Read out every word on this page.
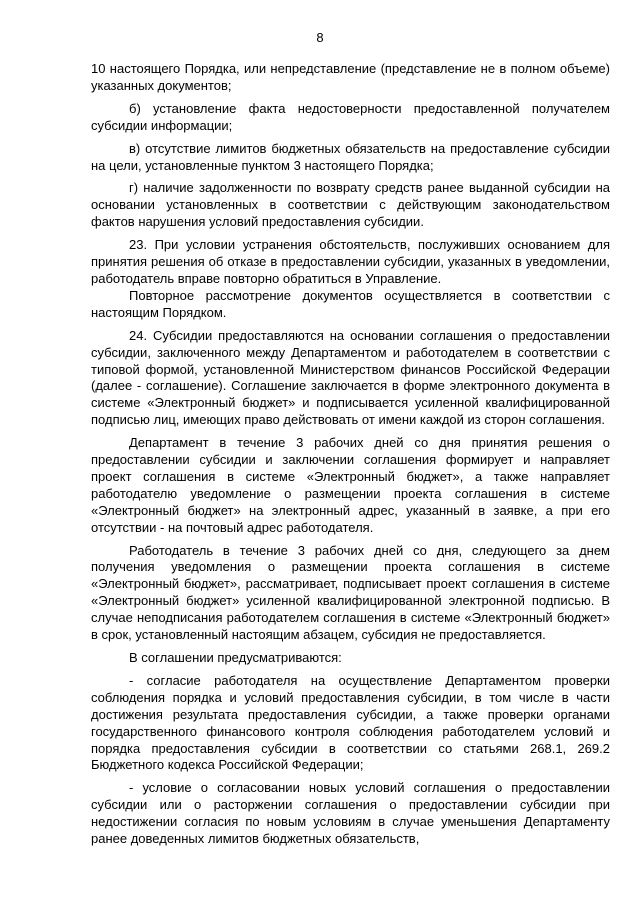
8

10 настоящего Порядка, или непредставление (представление не в полном объеме) указанных документов;

б) установление факта недостоверности предоставленной получателем субсидии информации;

в) отсутствие лимитов бюджетных обязательств на предоставление субсидии на цели, установленные пунктом 3 настоящего Порядка;

г) наличие задолженности по возврату средств ранее выданной субсидии на основании установленных в соответствии с действующим законодательством фактов нарушения условий предоставления субсидии.

23. При условии устранения обстоятельств, послуживших основанием для принятия решения об отказе в предоставлении субсидии, указанных в уведомлении, работодатель вправе повторно обратиться в Управление.

Повторное рассмотрение документов осуществляется в соответствии с настоящим Порядком.

24. Субсидии предоставляются на основании соглашения о предоставлении субсидии, заключенного между Департаментом и работодателем в соответствии с типовой формой, установленной Министерством финансов Российской Федерации (далее - соглашение). Соглашение заключается в форме электронного документа в системе «Электронный бюджет» и подписывается усиленной квалифицированной подписью лиц, имеющих право действовать от имени каждой из сторон соглашения.

Департамент в течение 3 рабочих дней со дня принятия решения о предоставлении субсидии и заключении соглашения формирует и направляет проект соглашения в системе «Электронный бюджет», а также направляет работодателю уведомление о размещении проекта соглашения в системе «Электронный бюджет» на электронный адрес, указанный в заявке, а при его отсутствии - на почтовый адрес работодателя.

Работодатель в течение 3 рабочих дней со дня, следующего за днем получения уведомления о размещении проекта соглашения в системе «Электронный бюджет», рассматривает, подписывает проект соглашения в системе «Электронный бюджет» усиленной квалифицированной электронной подписью. В случае неподписания работодателем соглашения в системе «Электронный бюджет» в срок, установленный настоящим абзацем, субсидия не предоставляется.

В соглашении предусматриваются:

- согласие работодателя на осуществление Департаментом проверки соблюдения порядка и условий предоставления субсидии, в том числе в части достижения результата предоставления субсидии, а также проверки органами государственного финансового контроля соблюдения работодателем условий и порядка предоставления субсидии в соответствии со статьями 268.1, 269.2 Бюджетного кодекса Российской Федерации;

- условие о согласовании новых условий соглашения о предоставлении субсидии или о расторжении соглашения о предоставлении субсидии при недостижении согласия по новым условиям в случае уменьшения Департаменту ранее доведенных лимитов бюджетных обязательств,
